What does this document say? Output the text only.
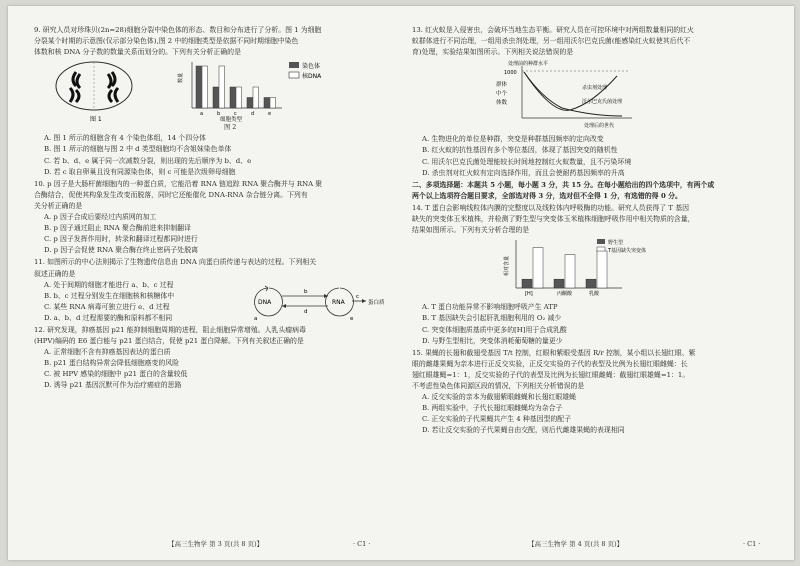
9. 研究人员对珍珠贝(2n=28)细胞分裂中染色体的形态、数目和分布进行了分析。图 1 为细胞

分裂某个时期的示意图(仅示部分染色体),图 2 中的细胞类型是依据不同时期细胞中染色

体数和核 DNA 分子数的数量关系而划分的。下列有关分析正确的是

图 1
染色体
核DNA
数量
a	b	c	d	e
细胞类型

图 2

A. 图 1 所示的细胞含有 4 个染色体组，14 个四分体

B. 图 1 所示的细胞与图 2 中 d 类型细胞均不含姐妹染色单体

C. 若 b、d、e 属于同一次减数分裂，则出现的先后顺序为 b、d、e

D. 若 c 取自卵巢且没有同源染色体，则 c 可能是次级卵母细胞

10. p 因子是大肠杆菌细胞内的一种蛋白质，它能沿着 RNA 链追踪 RNA 聚合酶并与 RNA 聚

合酶结合，促使其构象发生改变而脱落，同时它还能催化 DNA-RNA 杂合链分离。下列有

关分析正确的是

A. p 因子合成后要经过内质网的加工

B. p 因子通过阻止 RNA 聚合酶前进来抑制翻译

C. p 因子发挥作用时，转录和翻译过程都同时进行

D. p 因子会促使 RNA 聚合酶在终止密码子处脱离

11. 如图所示的中心法则揭示了生物遗传信息由 DNA 向蛋白质传递与表达的过程。下列相关

叙述正确的是

A. 处于间期的细胞才能进行 a、b、c 过程

B. b、c 过程分别发生在细胞核和核糖体中

C. 某些 RNA 病毒可独立进行 e、d 过程

D. a、b、d 过程需要的酶和原料都不相同

DNA	RNA	蛋白质
a
b
c
d
e

12. 研究发现，抑癌基因 p21 能抑制细胞周期的进程，阻止细胞异常增殖。人乳头瘤病毒

(HPV)编码的 E6 蛋白能与 p21 蛋白结合，促使 p21 蛋白降解。下列有关叙述正确的是

A. 正常细胞不含有抑癌基因表达的蛋白质

B. p21 蛋白结构异常会降低细胞癌变的风险

C. 被 HPV 感染的细胞中 p21 蛋白的含量较低

D. 诱导 p21 基因沉默可作为治疗癌症的思路

【高三生物学 第 3 页(共 8 页)】	· C1 ·

13. 红火蚁是入侵害虫，会破坏当地生态平衡。研究人员在可控环境中对两组数量相同的红火

蚁群体进行不同治理，一组用杀虫剂处理，另一组用沃尔巴克氏菌(能感染红火蚁使其后代不

育)处理，实验结果如图所示。下列相关说法错误的是

处理前的种群水平
1000
群体
中个
体数
杀虫剂处理
沃尔巴克氏菌处理
处理后的世代

A. 生物进化的单位是种群，突变是种群基因频率的定向改变

B. 红火蚁的抗性基因有多个等位基因，体现了基因突变的随机性

C. 用沃尔巴克氏菌处理能较长时间地控制红火蚁数量，且不污染环境

D. 杀虫剂对红火蚁有定向选择作用，而且会使耐药基因频率的升高

二、多项选择题：本题共 5 小题，每小题 3 分，共 15 分。在每小题给出的四个选项中，有两个或

两个以上选项符合题目要求，全部选对得 3 分，选对但不全得 1 分，有选错的得 0 分。

14. T 蛋白会影响线粒体内膜的完整度以及线粒体内呼吸酶的功能。研究人员获得了 T 基因

缺失的突变体玉米植株，并检测了野生型与突变体玉米植株细胞呼吸作用中相关物质的含量，

结果如图所示。下列有关分析合理的是

野生型
T基因缺失突变体
相对含量
[H]	丙酮酸	乳酸

A. T 蛋白功能异常不影响细胞呼吸产生 ATP

B. T 基因缺失会引起肝乳细胞利用的 O₂ 减少

C. 突变体细胞质基质中更多的[H]用于合成乳酸

D. 与野生型相比，突变体消耗葡萄糖的量更少

15. 果蝇的长翅和截翅受基因 T/t 控制，红眼和紫眼受基因 R/r 控制，某小组以长翅红眼、紫

眼的雌雄果蝇为亲本进行正反交实验，正反交实验的子代的表型及比例为长翅红眼雌蝇：长

翅红眼雄蝇=1：1，反交实验的子代的表型及比例为长翅红眼雌蝇：截翅红眼雄蝇=1：1。

不考虑性染色体同源区段的情况，下列相关分析错误的是

A. 反交实验的亲本为截翅紫眼雌蝇和长翅红眼雄蝇

B. 两组实验中，子代长翅红眼雌蝇均为杂合子

C. 正交实验的子代果蝇共产生 4 种基因型的配子

D. 若让反交实验的子代果蝇自由交配，则后代雌雄果蝇的表现相同

【高三生物学 第 4 页(共 8 页)】	· C1 ·
